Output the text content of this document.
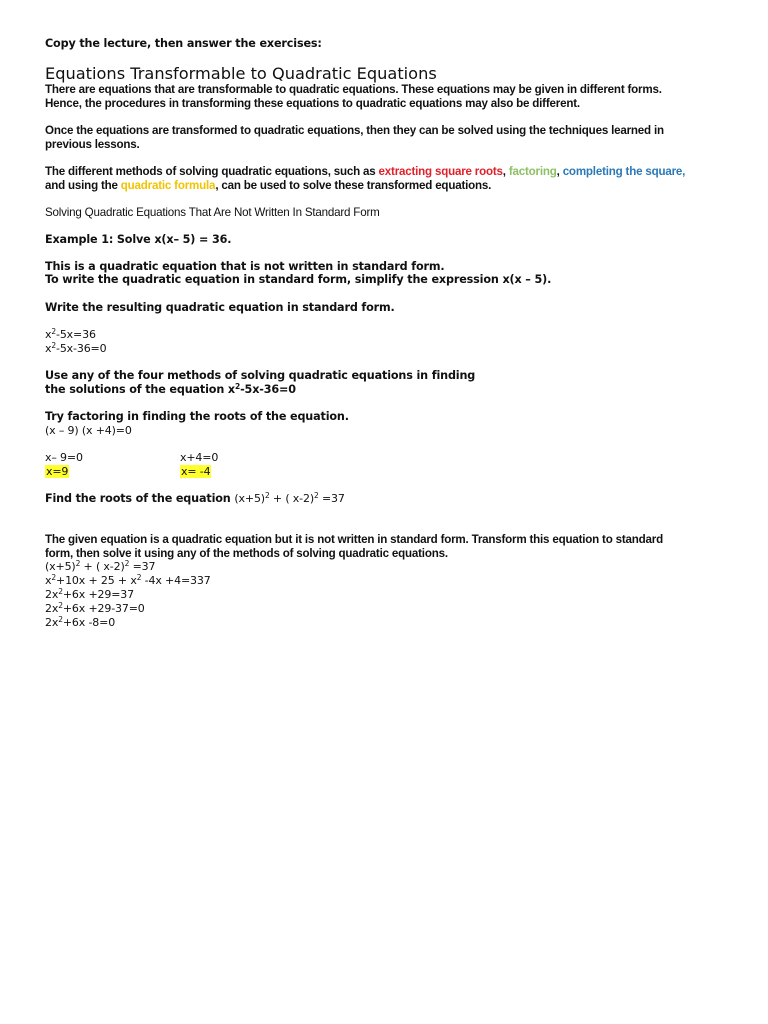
Copy the lecture, then answer the exercises:
Equations Transformable to Quadratic Equations
There are equations that are transformable to quadratic equations. These equations may be given in different forms.
Hence, the procedures in transforming these equations to quadratic equations may also be different.
Once the equations are transformed to quadratic equations, then they can be solved using the techniques learned in
previous lessons.
The different methods of solving quadratic equations, such as extracting square roots, factoring, completing the square,
and using the quadratic formula, can be used to solve these transformed equations.
Solving Quadratic Equations That Are Not Written In Standard Form
Example 1: Solve x(x– 5) = 36.
This is a quadratic equation that is not written in standard form.
To write the quadratic equation in standard form, simplify the expression x(x – 5).
Write the resulting quadratic equation in standard form.
$x^2-5x=36$
$x^2-5x-36=0$
Use any of the four methods of solving quadratic equations in finding
the solutions of the equation $x^2-5x-36=0$
Try factoring in finding the roots of the equation.
(x – 9) (x +4)=0
x– 9=0	x+4=0
x=9	x= -4
Find the roots of the equation $(x+5)^2$ + ( x-2)$^2$ =37
The given equation is a quadratic equation but it is not written in standard form. Transform this equation to standard
form, then solve it using any of the methods of solving quadratic equations.
$(x+5)^2$ + ( x-2)$^2$ =37
$x^2+10x + 25 + x^2$ -4x +4=337
$2x^2+6x +29=37$
$2x^2+6x +29-37=0$
$2x^2+6x$ -8=0
